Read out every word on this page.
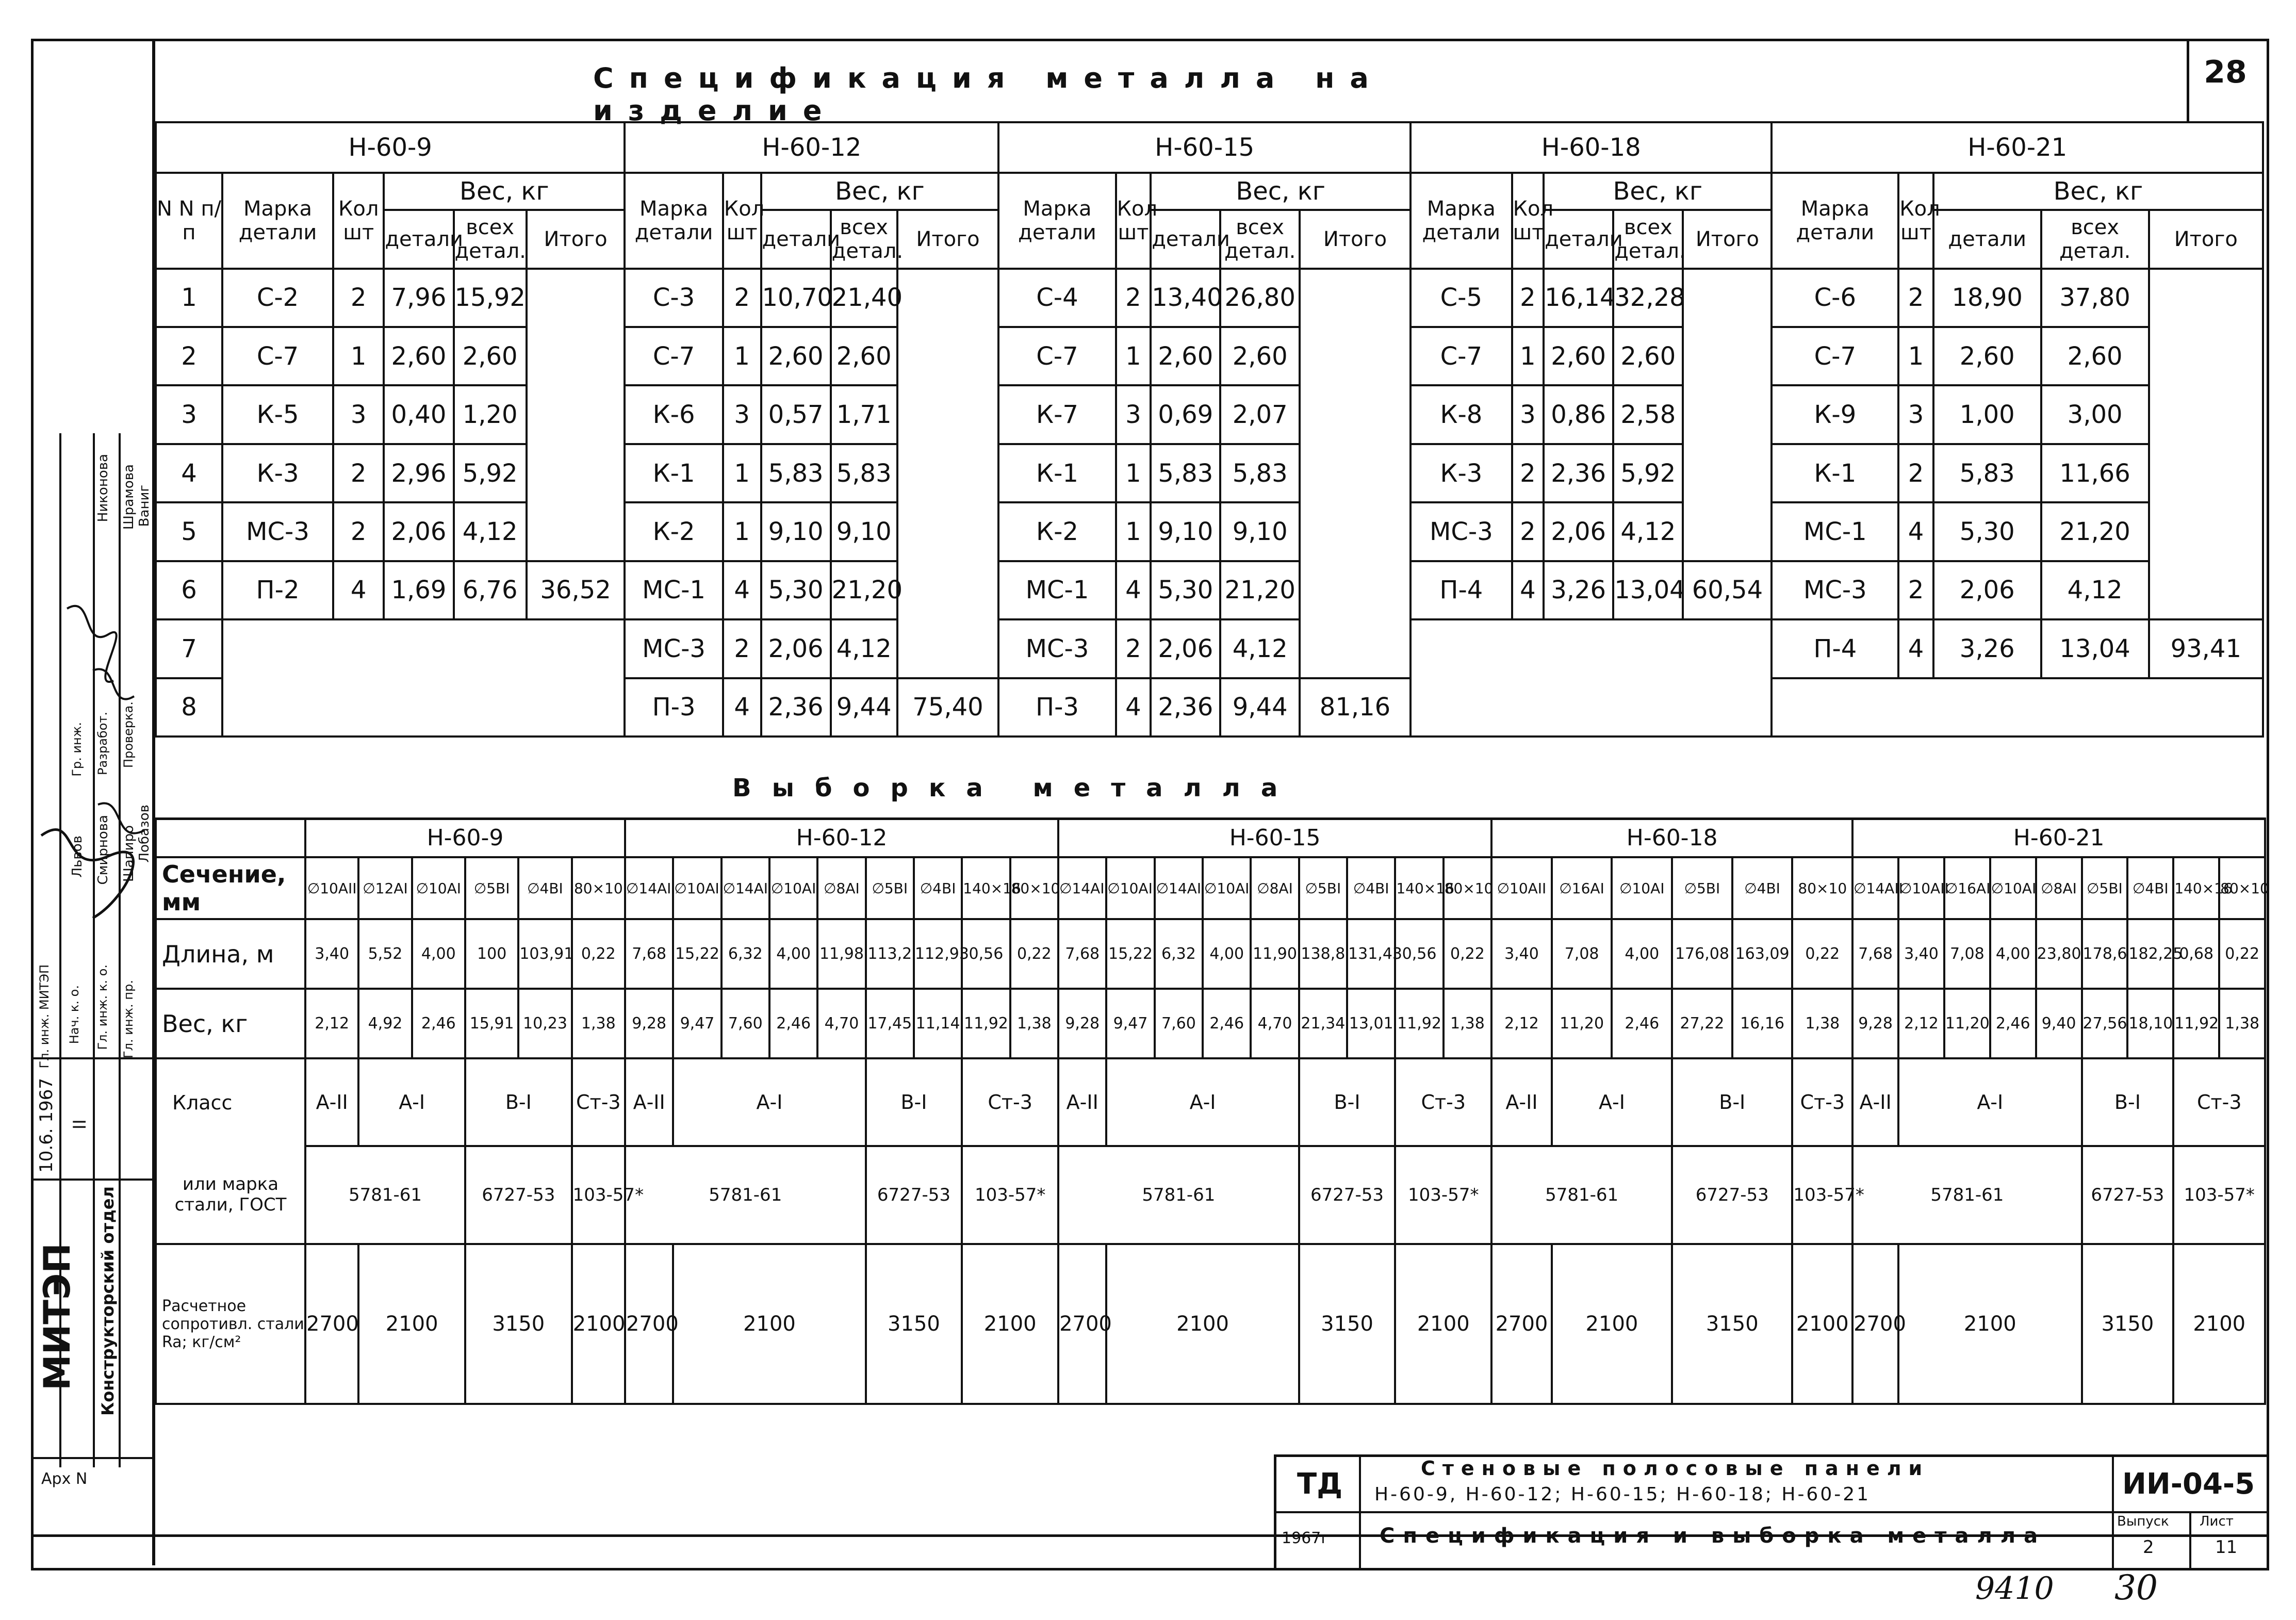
Спецификация металла на изделие
28
Н-60-9						Н-60-12					Н-60-15					Н-60-18					Н-60-21				
N N п/п	Марка детали	Кол шт	Вес, кг			Марка детали	Кол шт	Вес, кг			Марка детали	Кол шт	Вес, кг			Марка детали	Кол шт	Вес, кг			Марка детали	Кол шт	Вес, кг		
			детали	всех детал.	Итого			детали	всех детал.	Итого			детали	всех детал.	Итого			детали	всех детал.	Итого			детали	всех детал.	Итого
1	С-2	2	7,96	15,92		С-3	2	10,70	21,40		С-4	2	13,40	26,80		С-5	2	16,14	32,28		С-6	2	18,90	37,80	
2	С-7	1	2,60	2,60		С-7	1	2,60	2,60		С-7	1	2,60	2,60		С-7	1	2,60	2,60		С-7	1	2,60	2,60	
3	К-5	3	0,40	1,20		К-6	3	0,57	1,71		К-7	3	0,69	2,07		К-8	3	0,86	2,58		К-9	3	1,00	3,00	
4	К-3	2	2,96	5,92		К-1	1	5,83	5,83		К-1	1	5,83	5,83		К-3	2	2,36	5,92		К-1	2	5,83	11,66	
5	МС-3	2	2,06	4,12		К-2	1	9,10	9,10		К-2	1	9,10	9,10		МС-3	2	2,06	4,12		МС-1	4	5,30	21,20	
6	П-2	4	1,69	6,76	36,52	МС-1	4	5,30	21,20		МС-1	4	5,30	21,20		П-4	4	3,26	13,04	60,54	МС-3	2	2,06	4,12	
7						МС-3	2	2,06	4,12		МС-3	2	2,06	4,12							П-4	4	3,26	13,04	93,41
8						П-3	4	2,36	9,44	75,40	П-3	4	2,36	9,44	81,16										
Выборка металла
	Н-60-9						Н-60-12									Н-60-15									Н-60-18						Н-60-21								
Сечение, мм	∅10АII	∅12АI	∅10АI	∅5ВI	∅4ВI	80×10	∅14АII	∅10АII	∅14АI	∅10АI	∅8АI	∅5ВI	∅4ВI	140×16	80×10	∅14АII	∅10АII	∅14АI	∅10АI	∅8АI	∅5ВI	∅4ВI	140×16	80×10	∅10АII	∅16АI	∅10АI	∅5ВI	∅4ВI	80×10	∅14АII	∅10АII	∅16АI	∅10АI	∅8АI	∅5ВI	∅4ВI	140×16	80×10
Длина, м	3,40	5,52	4,00	100	103,91	0,22	7,68	15,22	6,32	4,00	11,98	113,2	112,93	0,56	0,22	7,68	15,22	6,32	4,00	11,90	138,8	131,43	0,56	0,22	3,40	7,08	4,00	176,08	163,09	0,22	7,68	3,40	7,08	4,00	23,80	178,6	182,25	0,68	0,22
Вес, кг	2,12	4,92	2,46	15,91	10,23	1,38	9,28	9,47	7,60	2,46	4,70	17,45	11,14	11,92	1,38	9,28	9,47	7,60	2,46	4,70	21,34	13,01	11,92	1,38	2,12	11,20	2,46	27,22	16,16	1,38	9,28	2,12	11,20	2,46	9,40	27,56	18,10	11,92	1,38
Класс	А-II	А-I		В-I		Ст-3	А-II	А-I				В-I		Ст-3		А-II	А-I				В-I		Ст-3		А-II	А-I		В-I		Ст-3	А-II	А-I				В-I		Ст-3	
или марка стали, ГОСТ	5781-61			6727-53		103-57*	5781-61					6727-53		103-57*		5781-61					6727-53		103-57*		5781-61			6727-53		103-57*	5781-61					6727-53		103-57*	
Расчетное сопротивл. стали Ra; кг/см²	2700	2100		3150		2100	2700	2100				3150		2100		2700	2100				3150		2100		2700	2100		3150		2100	2700	2100				3150		2100	
МИТЭП Конструкторский отдел
10.6. 1967 II
Гл. инж. МИТЭП Нач. к. о. Гл. инж. к. о. Гл. инж. пр.
Гр. инж. Разработ. Проверка.
Львов Смирнова Шапиро Лобазов
Никонова Шрамова Ваниг
Арх N	ТД
1967г
Стеновые полосовые панели
Н-60-9, Н-60-12; Н-60-15; Н-60-18; Н-60-21
Спецификация и выборка металла
ИИ-04-5
Выпуск
2
Лист
11
9410 30
